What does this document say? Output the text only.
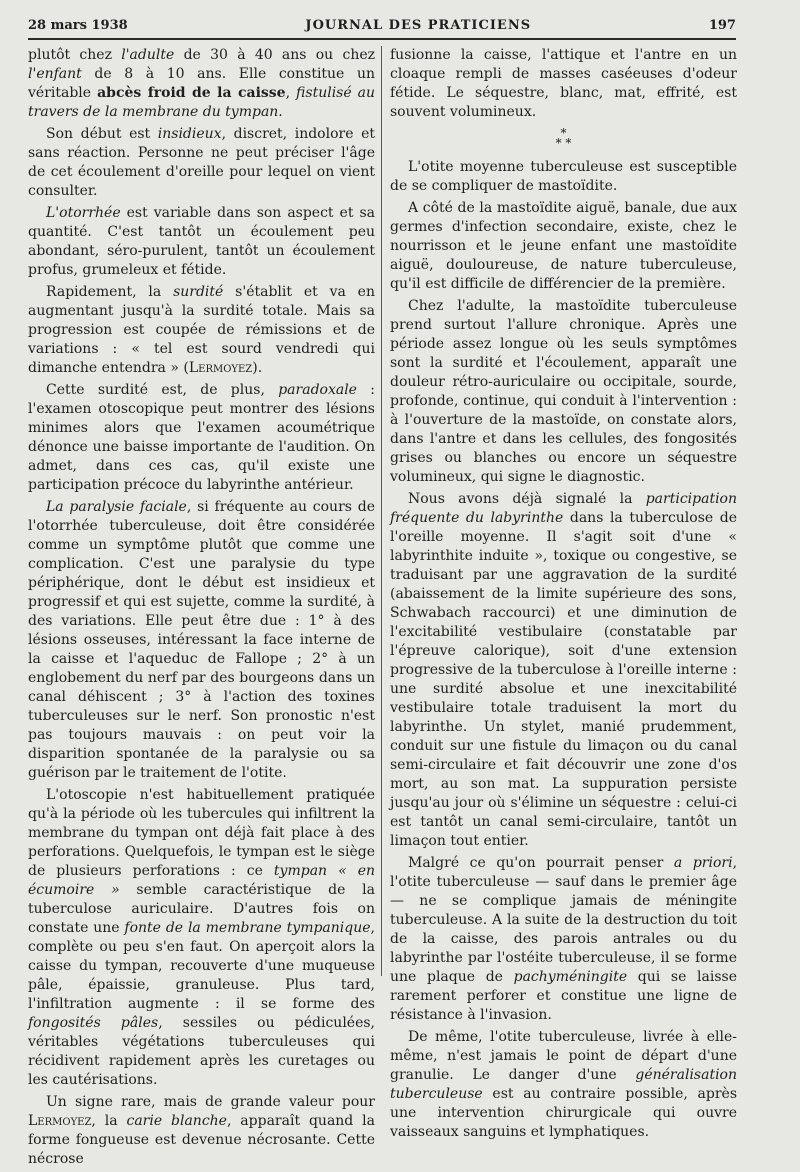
28 mars 1938	JOURNAL DES PRATICIENS	197

plutôt chez l'adulte de 30 à 40 ans ou chez l'enfant de 8 à 10 ans. Elle constitue un véritable abcès froid de la caisse, fistulisé au travers de la membrane du tympan.

Son début est insidieux, discret, indolore et sans réaction. Personne ne peut préciser l'âge de cet écoulement d'oreille pour lequel on vient consulter.

L'otorrhée est variable dans son aspect et sa quantité. C'est tantôt un écoulement peu abondant, séro-purulent, tantôt un écoulement profus, grumeleux et fétide.

Rapidement, la surdité s'établit et va en augmentant jusqu'à la surdité totale. Mais sa progression est coupée de rémissions et de variations : « tel est sourd vendredi qui dimanche entendra » (Lermoyez).

Cette surdité est, de plus, paradoxale : l'examen otoscopique peut montrer des lésions minimes alors que l'examen acoumétrique dénonce une baisse importante de l'audition. On admet, dans ces cas, qu'il existe une participation précoce du labyrinthe antérieur.

La paralysie faciale, si fréquente au cours de l'otorrhée tuberculeuse, doit être considérée comme un symptôme plutôt que comme une complication. C'est une paralysie du type périphérique, dont le début est insidieux et progressif et qui est sujette, comme la surdité, à des variations. Elle peut être due : 1° à des lésions osseuses, intéressant la face interne de la caisse et l'aqueduc de Fallope ; 2° à un englobement du nerf par des bourgeons dans un canal déhiscent ; 3° à l'action des toxines tuberculeuses sur le nerf. Son pronostic n'est pas toujours mauvais : on peut voir la disparition spontanée de la paralysie ou sa guérison par le traitement de l'otite.

L'otoscopie n'est habituellement pratiquée qu'à la période où les tubercules qui infiltrent la membrane du tympan ont déjà fait place à des perforations. Quelquefois, le tympan est le siège de plusieurs perforations : ce tympan « en écumoire » semble caractéristique de la tuberculose auriculaire. D'autres fois on constate une fonte de la membrane tympanique, complète ou peu s'en faut. On aperçoit alors la caisse du tympan, recouverte d'une muqueuse pâle, épaissie, granuleuse. Plus tard, l'infiltration augmente : il se forme des fongosités pâles, sessiles ou pédiculées, véritables végétations tuberculeuses qui récidivent rapidement après les curetages ou les cautérisations.

Un signe rare, mais de grande valeur pour Lermoyez, la carie blanche, apparaît quand la forme fongueuse est devenue nécrosante. Cette nécrose

fusionne la caisse, l'attique et l'antre en un cloaque rempli de masses caséeuses d'odeur fétide. Le séquestre, blanc, mat, effrité, est souvent volumineux.

*
* *

L'otite moyenne tuberculeuse est susceptible de se compliquer de mastoïdite.

A côté de la mastoïdite aiguë, banale, due aux germes d'infection secondaire, existe, chez le nourrisson et le jeune enfant une mastoïdite aiguë, douloureuse, de nature tuberculeuse, qu'il est difficile de différencier de la première.

Chez l'adulte, la mastoïdite tuberculeuse prend surtout l'allure chronique. Après une période assez longue où les seuls symptômes sont la surdité et l'écoulement, apparaît une douleur rétro-auriculaire ou occipitale, sourde, profonde, continue, qui conduit à l'intervention : à l'ouverture de la mastoïde, on constate alors, dans l'antre et dans les cellules, des fongosités grises ou blanches ou encore un séquestre volumineux, qui signe le diagnostic.

Nous avons déjà signalé la participation fréquente du labyrinthe dans la tuberculose de l'oreille moyenne. Il s'agit soit d'une « labyrinthite induite », toxique ou congestive, se traduisant par une aggravation de la surdité (abaissement de la limite supérieure des sons, Schwabach raccourci) et une diminution de l'excitabilité vestibulaire (constatable par l'épreuve calorique), soit d'une extension progressive de la tuberculose à l'oreille interne : une surdité absolue et une inexcitabilité vestibulaire totale traduisent la mort du labyrinthe. Un stylet, manié prudemment, conduit sur une fistule du limaçon ou du canal semi-circulaire et fait découvrir une zone d'os mort, au son mat. La suppuration persiste jusqu'au jour où s'élimine un séquestre : celui-ci est tantôt un canal semi-circulaire, tantôt un limaçon tout entier.

Malgré ce qu'on pourrait penser a priori, l'otite tuberculeuse — sauf dans le premier âge — ne se complique jamais de méningite tuberculeuse. A la suite de la destruction du toit de la caisse, des parois antrales ou du labyrinthe par l'ostéite tuberculeuse, il se forme une plaque de pachyméningite qui se laisse rarement perforer et constitue une ligne de résistance à l'invasion.

De même, l'otite tuberculeuse, livrée à elle-même, n'est jamais le point de départ d'une granulie. Le danger d'une généralisation tuberculeuse est au contraire possible, après une intervention chirurgicale qui ouvre vaisseaux sanguins et lymphatiques.
